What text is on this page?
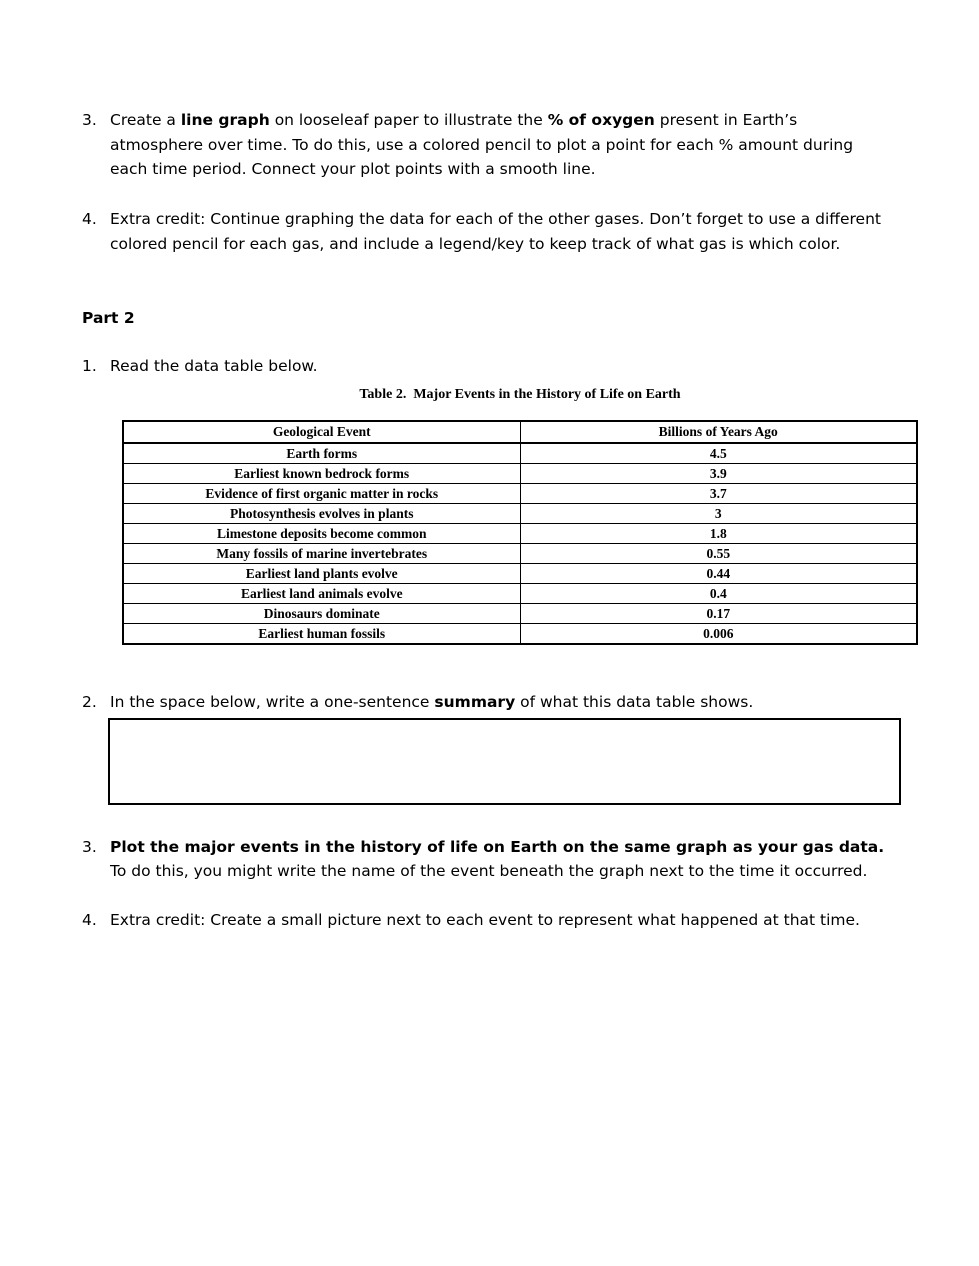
3. Create a line graph on looseleaf paper to illustrate the % of oxygen present in Earth’s atmosphere over time. To do this, use a colored pencil to plot a point for each % amount during each time period. Connect your plot points with a smooth line.
4. Extra credit: Continue graphing the data for each of the other gases. Don’t forget to use a different colored pencil for each gas, and include a legend/key to keep track of what gas is which color.
Part 2
1. Read the data table below.
Table 2.  Major Events in the History of Life on Earth
Geological Event	Billions of Years Ago
Earth forms	4.5
Earliest known bedrock forms	3.9
Evidence of first organic matter in rocks	3.7
Photosynthesis evolves in plants	3
Limestone deposits become common	1.8
Many fossils of marine invertebrates	0.55
Earliest land plants evolve	0.44
Earliest land animals evolve	0.4
Dinosaurs dominate	0.17
Earliest human fossils	0.006
2. In the space below, write a one-sentence summary of what this data table shows.
3. Plot the major events in the history of life on Earth on the same graph as your gas data. To do this, you might write the name of the event beneath the graph next to the time it occurred.
4. Extra credit: Create a small picture next to each event to represent what happened at that time.
